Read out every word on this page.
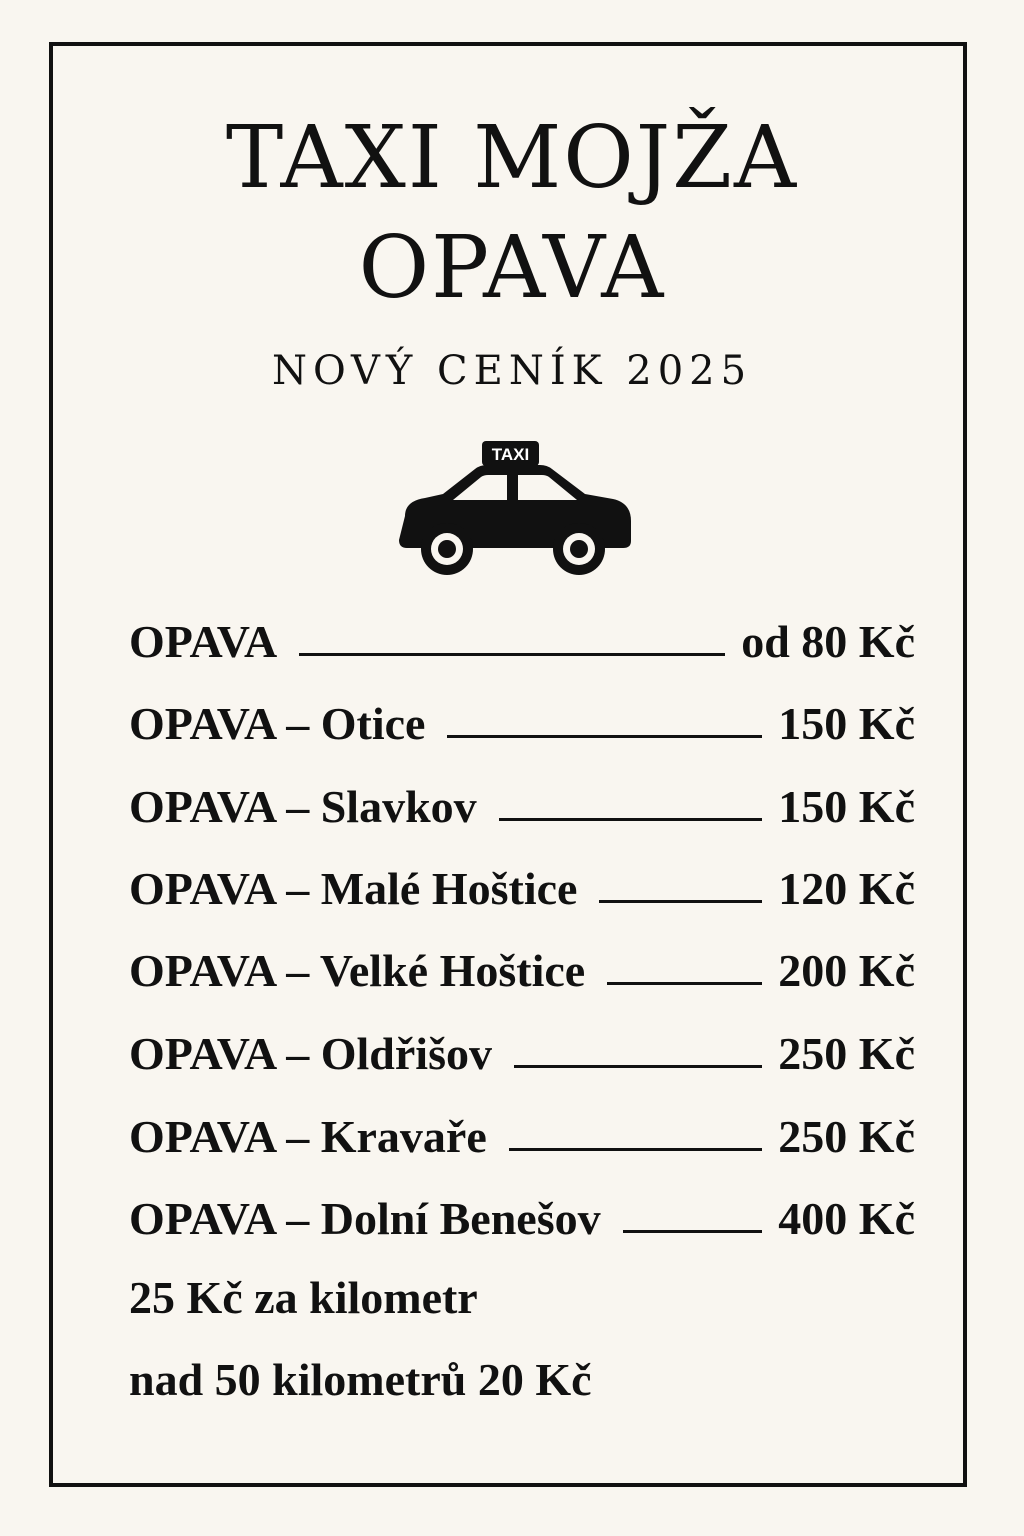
TAXI MOJŽA
OPAVA
NOVÝ CENÍK 2025
TAXI
OPAVA	od 80 Kč
OPAVA – Otice	150 Kč
OPAVA – Slavkov	150 Kč
OPAVA – Malé Hoštice	120 Kč
OPAVA – Velké Hoštice	200 Kč
OPAVA – Oldřišov	250 Kč
OPAVA – Kravaře	250 Kč
OPAVA – Dolní Benešov	400 Kč
25 Kč za kilometr
nad 50 kilometrů 20 Kč
